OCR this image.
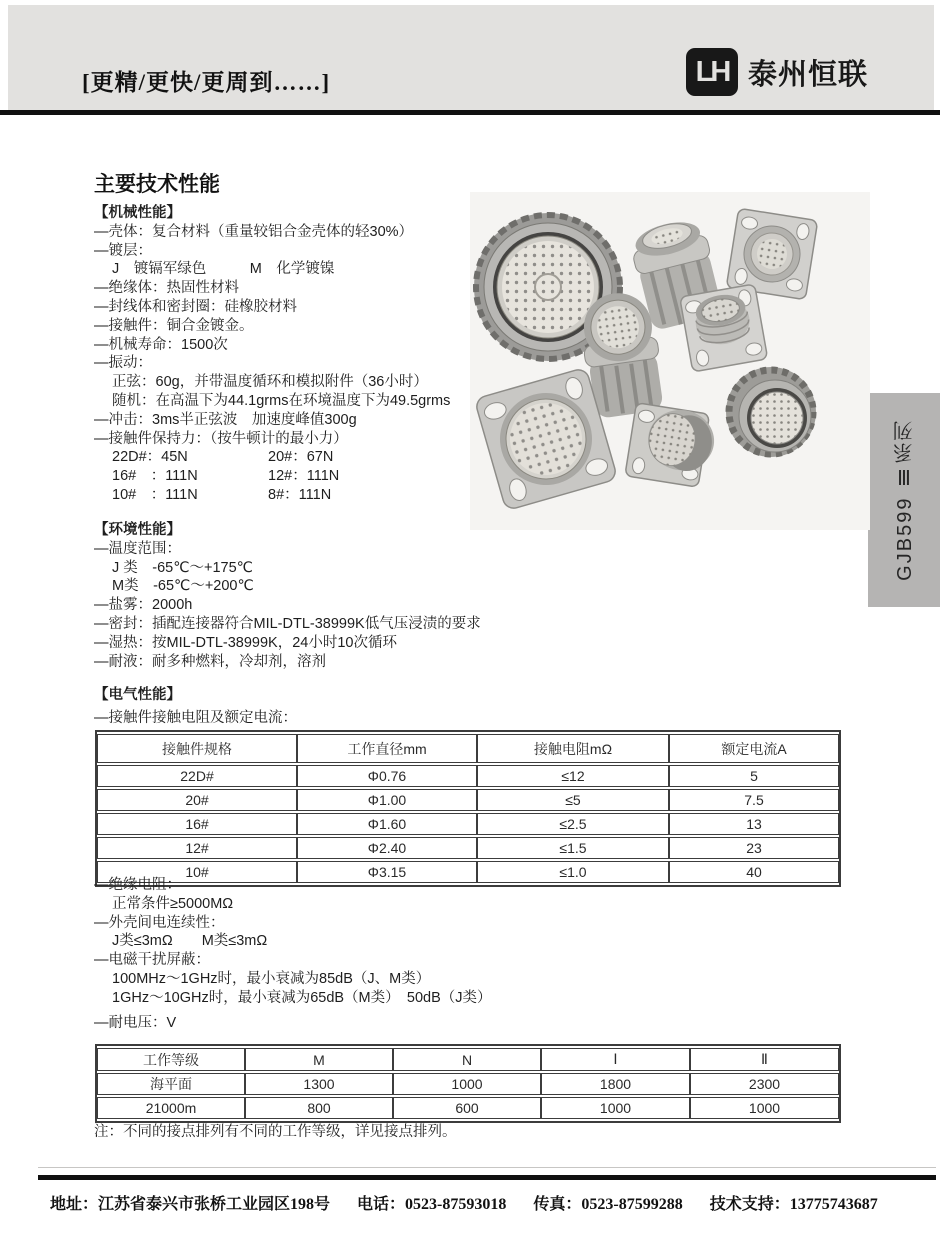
[更精/更快/更周到……]	LH 泰州恒联
GJB599 Ⅲ系列
主要技术性能
【机械性能】
—壳体：复合材料（重量较铝合金壳体的轻30%）
—镀层：
J　镀镉军绿色　　　M　化学镀镍
—绝缘体：热固性材料
—封线体和密封圈：硅橡胶材料
—接触件：铜合金镀金。
—机械寿命：1500次
—振动：
正弦：60g，并带温度循环和模拟附件（36小时）
随机：在高温下为44.1grms在环境温度下为49.5grms
—冲击：3ms半正弦波　加速度峰值300g
—接触件保持力：（按牛顿计的最小力）
22D#：45N	20#：67N
16#　：111N	12#：111N
10#　：111N	8#：111N
【环境性能】
—温度范围：
J 类　-65℃～+175℃
M类　-65℃～+200℃
—盐雾：2000h
—密封：插配连接器符合MIL-DTL-38999K低气压浸渍的要求
—湿热：按MIL-DTL-38999K，24小时10次循环
—耐液：耐多种燃料，冷却剂，溶剂
【电气性能】
—接触件接触电阻及额定电流：
接触件规格	工作直径mm	接触电阻mΩ	额定电流A
22D#	Φ0.76	≤12	5
20#	Φ1.00	≤5	7.5
16#	Φ1.60	≤2.5	13
12#	Φ2.40	≤1.5	23
10#	Φ3.15	≤1.0	40
—绝缘电阻：
正常条件≥5000MΩ
—外壳间电连续性：
J类≤3mΩ　　M类≤3mΩ
—电磁干扰屏蔽：
100MHz～1GHz时，最小衰减为85dB（J、M类）
1GHz～10GHz时，最小衰减为65dB（M类）　50dB（J类）
—耐电压：V
工作等级	M	N	Ⅰ	Ⅱ
海平面	1300	1000	1800	2300
21000m	800	600	1000	1000
注：不同的接点排列有不同的工作等级，详见接点排列。
地址：江苏省泰兴市张桥工业园区198号 电话：0523-87593018 传真：0523-87599288 技术支持：13775743687
